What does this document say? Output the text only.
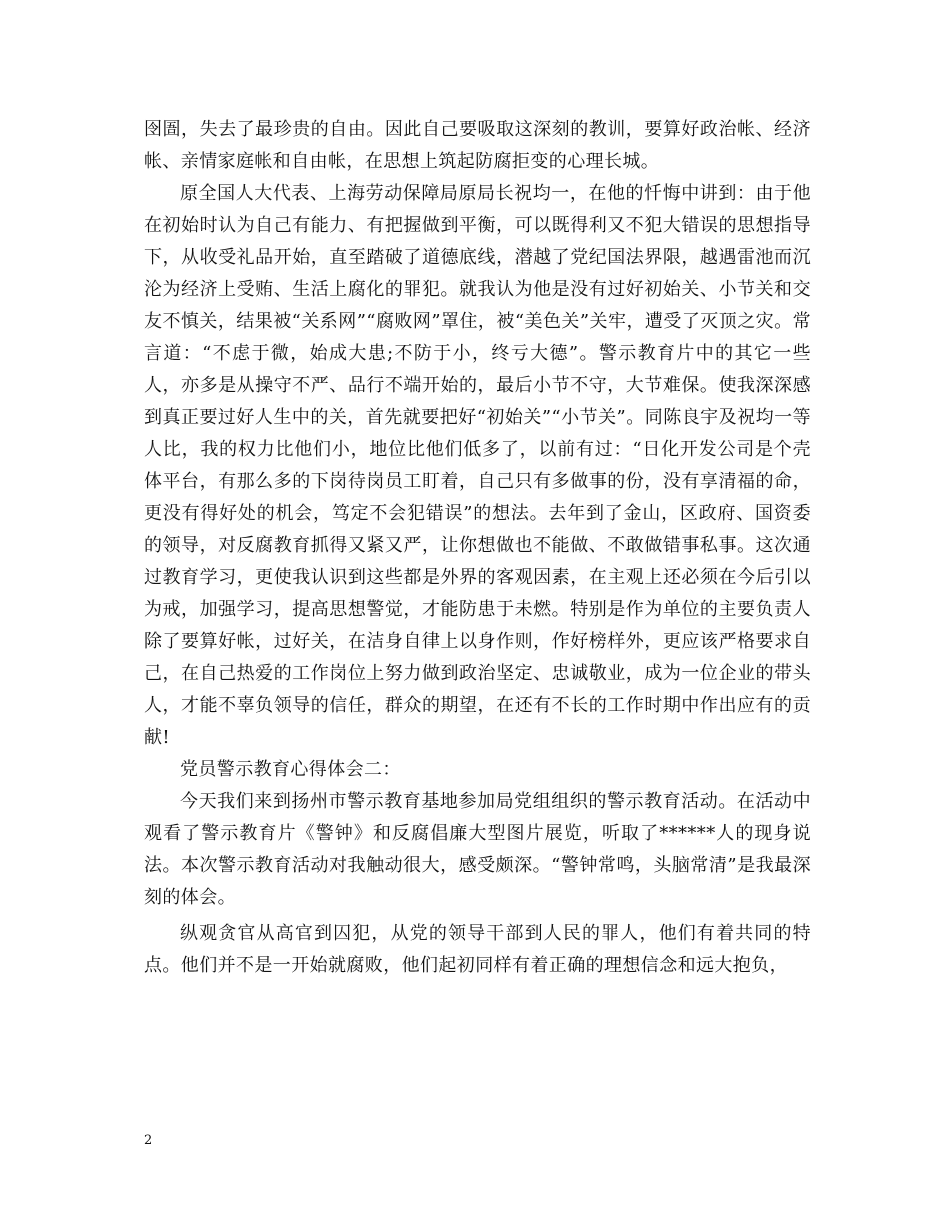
囹圄，失去了最珍贵的自由。因此自己要吸取这深刻的教训，要算好政治帐、经济帐、亲情家庭帐和自由帐，在思想上筑起防腐拒变的心理长城。

原全国人大代表、上海劳动保障局原局长祝均一，在他的忏悔中讲到：由于他在初始时认为自己有能力、有把握做到平衡，可以既得利又不犯大错误的思想指导下，从收受礼品开始，直至踏破了道德底线，潜越了党纪国法界限，越遇雷池而沉沦为经济上受贿、生活上腐化的罪犯。就我认为他是没有过好初始关、小节关和交友不慎关，结果被“关系网”“腐败网”罩住，被“美色关”关牢，遭受了灭顶之灾。常言道：“不虑于微，始成大患;不防于小，终亏大德”。警示教育片中的其它一些人，亦多是从操守不严、品行不端开始的，最后小节不守，大节难保。使我深深感到真正要过好人生中的关，首先就要把好“初始关”“小节关”。同陈良宇及祝均一等人比，我的权力比他们小，地位比他们低多了，以前有过：“日化开发公司是个壳体平台，有那么多的下岗待岗员工盯着，自己只有多做事的份，没有享清福的命，更没有得好处的机会，笃定不会犯错误”的想法。去年到了金山，区政府、国资委的领导，对反腐教育抓得又紧又严，让你想做也不能做、不敢做错事私事。这次通过教育学习，更使我认识到这些都是外界的客观因素，在主观上还必须在今后引以为戒，加强学习，提高思想警觉，才能防患于未燃。特别是作为单位的主要负责人除了要算好帐，过好关，在洁身自律上以身作则，作好榜样外，更应该严格要求自己，在自己热爱的工作岗位上努力做到政治坚定、忠诚敬业，成为一位企业的带头人，才能不辜负领导的信任，群众的期望，在还有不长的工作时期中作出应有的贡献!

党员警示教育心得体会二：

今天我们来到扬州市警示教育基地参加局党组组织的警示教育活动。在活动中观看了警示教育片《警钟》和反腐倡廉大型图片展览，听取了******人的现身说法。本次警示教育活动对我触动很大，感受颇深。“警钟常鸣，头脑常清”是我最深刻的体会。

纵观贪官从高官到囚犯，从党的领导干部到人民的罪人，他们有着共同的特点。他们并不是一开始就腐败，他们起初同样有着正确的理想信念和远大抱负，

2
